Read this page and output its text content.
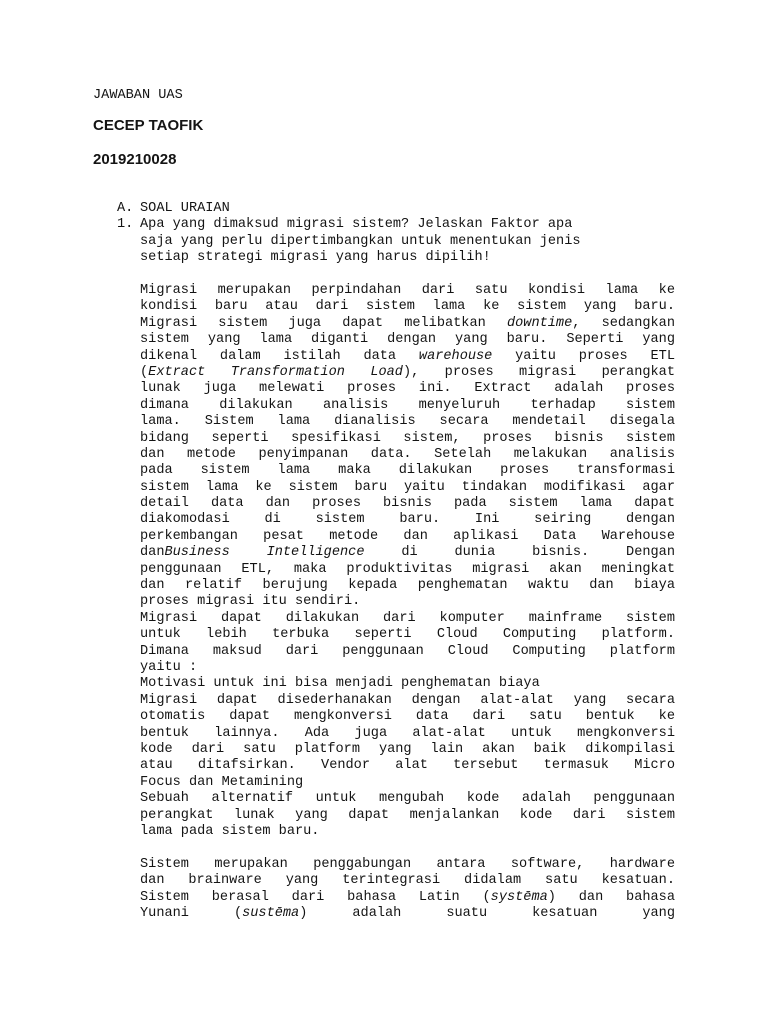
JAWABAN UAS
CECEP TAOFIK
2019210028
A. SOAL URAIAN
1. Apa yang dimaksud migrasi sistem? Jelaskan Faktor apa
saja yang perlu dipertimbangkan untuk menentukan jenis
setiap strategi migrasi yang harus dipilih!
Migrasi merupakan perpindahan dari satu kondisi lama ke
kondisi baru atau dari sistem lama ke sistem yang baru.
Migrasi sistem juga dapat melibatkan downtime, sedangkan
sistem yang lama diganti dengan yang baru. Seperti yang
dikenal dalam istilah data warehouse yaitu proses ETL
(Extract Transformation Load), proses migrasi perangkat
lunak juga melewati proses ini. Extract adalah proses
dimana dilakukan analisis menyeluruh terhadap sistem
lama. Sistem lama dianalisis secara mendetail disegala
bidang seperti spesifikasi sistem, proses bisnis sistem
dan metode penyimpanan data. Setelah melakukan analisis
pada sistem lama maka dilakukan proses transformasi
sistem lama ke sistem baru yaitu tindakan modifikasi agar
detail data dan proses bisnis pada sistem lama dapat
diakomodasi di sistem baru. Ini seiring dengan
perkembangan pesat metode dan aplikasi Data Warehouse
danBusiness Intelligence di dunia bisnis. Dengan
penggunaan ETL, maka produktivitas migrasi akan meningkat
dan relatif berujung kepada penghematan waktu dan biaya
proses migrasi itu sendiri.
Migrasi dapat dilakukan dari komputer mainframe sistem
untuk lebih terbuka seperti Cloud Computing platform.
Dimana maksud dari penggunaan Cloud Computing platform
yaitu :
Motivasi untuk ini bisa menjadi penghematan biaya
Migrasi dapat disederhanakan dengan alat-alat yang secara
otomatis dapat mengkonversi data dari satu bentuk ke
bentuk lainnya. Ada juga alat-alat untuk mengkonversi
kode dari satu platform yang lain akan baik dikompilasi
atau ditafsirkan. Vendor alat tersebut termasuk Micro
Focus dan Metamining
Sebuah alternatif untuk mengubah kode adalah penggunaan
perangkat lunak yang dapat menjalankan kode dari sistem
lama pada sistem baru.
Sistem merupakan penggabungan antara software, hardware
dan brainware yang terintegrasi didalam satu kesatuan.
Sistem berasal dari bahasa Latin (systēma) dan bahasa
Yunani (sustēma) adalah suatu kesatuan yang
